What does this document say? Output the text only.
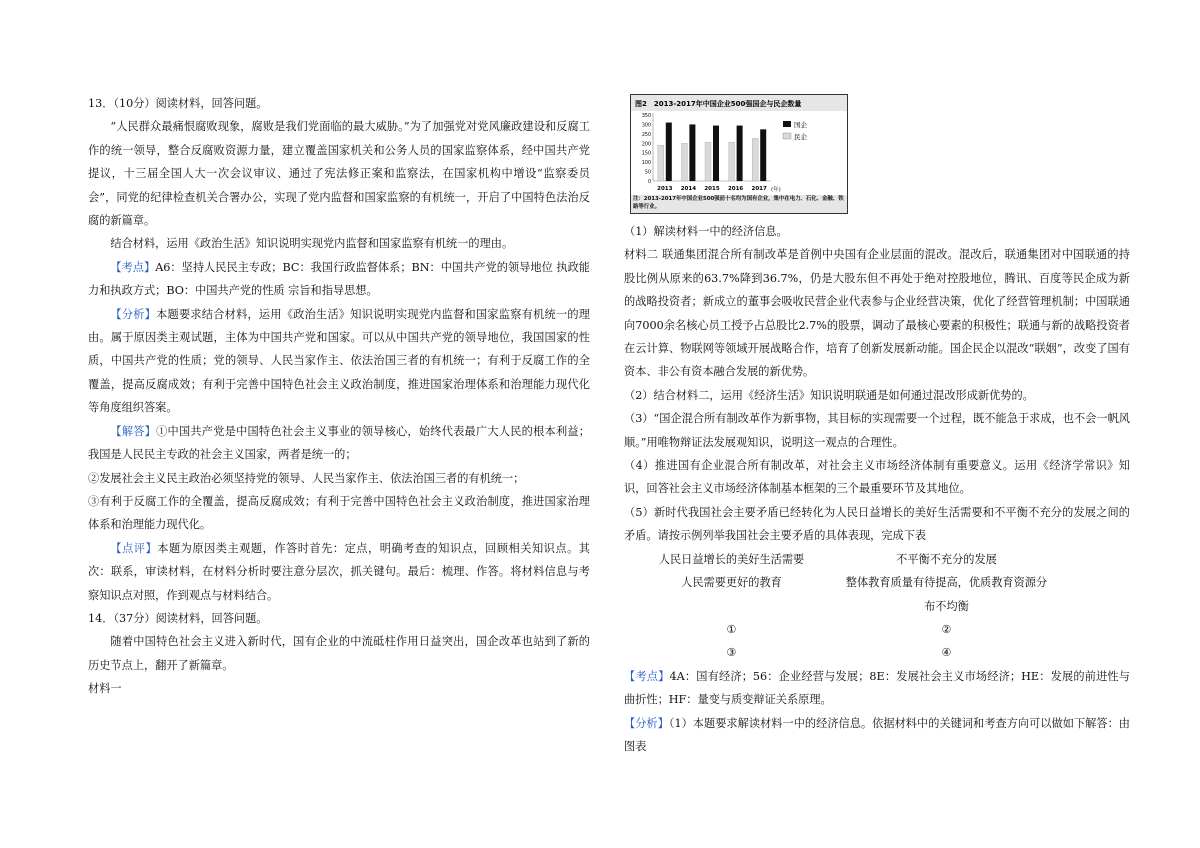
13．（10分）阅读材料，回答问题。

“人民群众最痛恨腐败现象，腐败是我们党面临的最大威胁。”为了加强党对党风廉政建设和反腐工作的统一领导，整合反腐败资源力量，建立覆盖国家机关和公务人员的国家监察体系，经中国共产党提议，十三届全国人大一次会议审议、通过了宪法修正案和监察法，在国家机构中增设“监察委员会”，同党的纪律检查机关合署办公，实现了党内监督和国家监察的有机统一，开启了中国特色法治反腐的新篇章。

结合材料，运用《政治生活》知识说明实现党内监督和国家监察有机统一的理由。

【考点】A6：坚持人民民主专政；BC：我国行政监督体系；BN：中国共产党的领导地位 执政能力和执政方式；BO：中国共产党的性质 宗旨和指导思想。

【分析】本题要求结合材料，运用《政治生活》知识说明实现党内监督和国家监察有机统一的理由。属于原因类主观试题，主体为中国共产党和国家。可以从中国共产党的领导地位，我国国家的性质，中国共产党的性质；党的领导、人民当家作主、依法治国三者的有机统一；有利于反腐工作的全覆盖，提高反腐成效；有利于完善中国特色社会主义政治制度，推进国家治理体系和治理能力现代化等角度组织答案。

【解答】①中国共产党是中国特色社会主义事业的领导核心，始终代表最广大人民的根本利益；我国是人民民主专政的社会主义国家，两者是统一的；

②发展社会主义民主政治必须坚持党的领导、人民当家作主、依法治国三者的有机统一；

③有利于反腐工作的全覆盖，提高反腐成效；有利于完善中国特色社会主义政治制度，推进国家治理体系和治理能力现代化。

【点评】本题为原因类主观题，作答时首先：定点，明确考查的知识点，回顾相关知识点。其次：联系，审读材料，在材料分析时要注意分层次，抓关键句。最后：梳理、作答。将材料信息与考察知识点对照，作到观点与材料结合。

14．（37分）阅读材料，回答问题。

随着中国特色社会主义进入新时代，国有企业的中流砥柱作用日益突出，国企改革也站到了新的历史节点上，翻开了新篇章。

材料一

图2　2013-2017年中国企业500强国企与民企数量
350
300
250
200
150
100
50
0
2013 2014 2015 2016 2017 (年)
国企
民企
注：2013-2017年中国企业500强前十名均为国有企业，集中在电力、石化、金融、铁路等行业。

（1）解读材料一中的经济信息。

材料二 联通集团混合所有制改革是首例中央国有企业层面的混改。混改后，联通集团对中国联通的持股比例从原来的63.7%降到36.7%，仍是大股东但不再处于绝对控股地位，腾讯、百度等民企成为新的战略投资者；新成立的董事会吸收民营企业代表参与企业经营决策，优化了经营管理机制；中国联通向7000余名核心员工授予占总股比2.7%的股票，调动了最核心要素的积极性；联通与新的战略投资者在云计算、物联网等领域开展战略合作，培育了创新发展新动能。国企民企以混改“联姻”，改变了国有资本、非公有资本融合发展的新优势。

（2）结合材料二，运用《经济生活》知识说明联通是如何通过混改形成新优势的。

（3）“国企混合所有制改革作为新事物，其目标的实现需要一个过程，既不能急于求成，也不会一帆风顺。”用唯物辩证法发展观知识，说明这一观点的合理性。

（4）推进国有企业混合所有制改革，对社会主义市场经济体制有重要意义。运用《经济学常识》知识，回答社会主义市场经济体制基本框架的三个最重要环节及其地位。

（5）新时代我国社会主要矛盾已经转化为人民日益增长的美好生活需要和不平衡不充分的发展之间的矛盾。请按示例列举我国社会主要矛盾的具体表现，完成下表

人民日益增长的美好生活需要	不平衡不充分的发展
人民需要更好的教育	整体教育质量有待提高，优质教育资源分
布不均衡
①	②
③	④

【考点】4A：国有经济；56：企业经营与发展；8E：发展社会主义市场经济；HE：发展的前进性与曲折性；HF：量变与质变辩证关系原理。

【分析】（1）本题要求解读材料一中的经济信息。依据材料中的关键词和考查方向可以做如下解答：由图表
